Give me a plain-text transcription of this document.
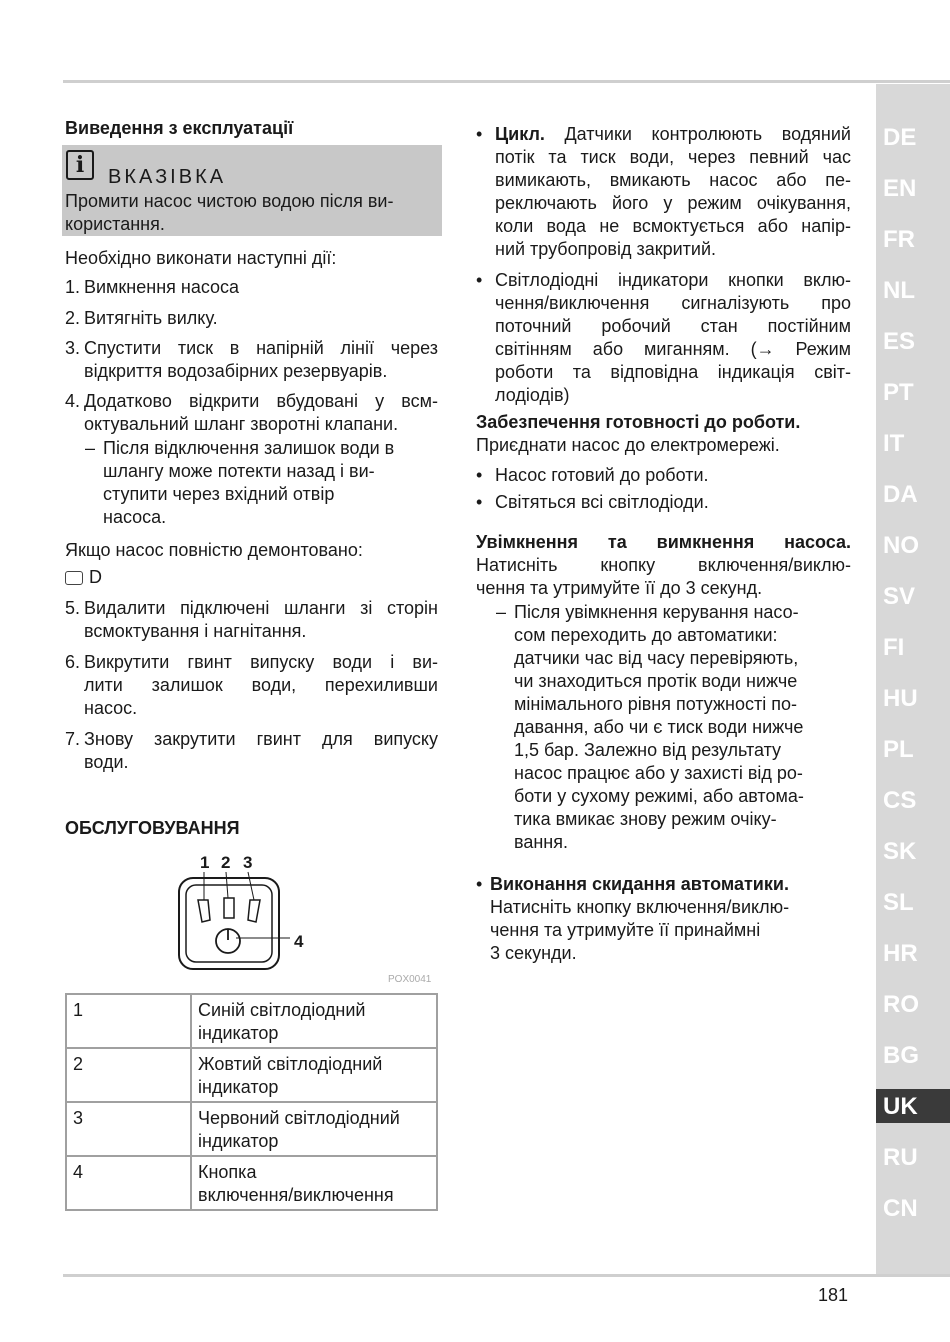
DE
EN
FR
NL
ES
PT
IT
DA
NO
SV
FI
HU
PL
CS
SK
SL
HR
RO
BG
UK
RU
CN
Виведення з експлуатації
i	ВКАЗІВКА
Промити насос чистою водою після ви-
користання.
Необхідно виконати наступні дії:
1. Вимкнення насоса
2. Витягніть вилку.
3. Спустити тиск в напірній лінії через
відкриття водозабірних резервуарів.
4. Додатково відкрити вбудовані у всм-
октувальний шланг зворотні клапани.
– Після відключення залишок води в
шлангу може потекти назад і ви-
ступити через вхідний отвір
насоса.
Якщо насос повністю демонтовано:
D
5. Видалити підключені шланги зі сторін
всмоктування і нагнітання.
6. Викрутити гвинт випуску води і ви-
лити залишок води, перехиливши
насос.
7. Знову закрутити гвинт для випуску
води.
ОБСЛУГОВУВАННЯ
1 2 3
4
POX0041
1	Синій світлодіодний
індикатор

2	Жовтий світлодіодний
індикатор

3	Червоний світлодіодний
індикатор

4	Кнопка
включення/виключення
• Цикл. Датчики контролюють водяний
потік та тиск води, через певний час
вимикають, вмикають насос або пе-
реключають його у режим очікування,
коли вода не всмоктується або напір-
ний трубопровід закритий.
• Світлодіодні індикатори кнопки вклю-
чення/виключення сигналізують про
поточний робочий стан постійним
світінням або миганням. (→ Режим
роботи та відповідна індикація світ-
лодіодів)
Забезпечення готовності до роботи.
Приєднати насос до електромережі.
• Насос готовий до роботи.
• Світяться всі світлодіоди.
Увімкнення та вимкнення насоса.
Натисніть кнопку включення/виклю-
чення та утримуйте її до 3 секунд.
– Після увімкнення керування насо-
сом переходить до автоматики:
датчики час від часу перевіряють,
чи знаходиться протік води нижче
мінімального рівня потужності по-
давання, або чи є тиск води нижче
1,5 бар. Залежно від результату
насос працює або у захисті від ро-
боти у сухому режимі, або автома-
тика вмикає знову режим очіку-
вання.
• Виконання скидання автоматики.
Натисніть кнопку включення/виклю-
чення та утримуйте її принаймні
3 секунди.
181
